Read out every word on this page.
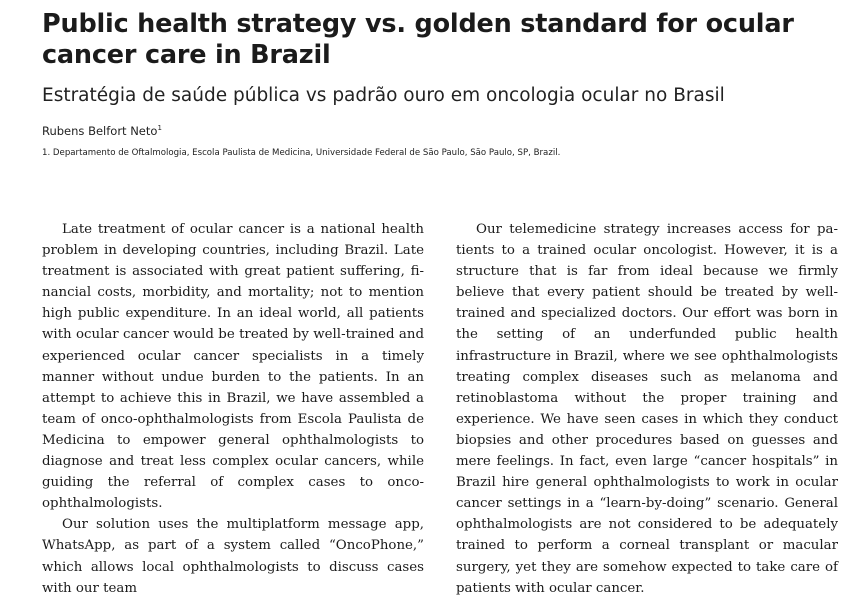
Public health strategy vs. golden standard for ocular cancer care in Brazil
Estratégia de saúde pública vs padrão ouro em oncologia ocular no Brasil
Rubens Belfort Neto$^1$
1. Departamento de Oftalmologia, Escola Paulista de Medicina, Universidade Federal de São Paulo, São Paulo, SP, Brazil.

Late treatment of ocular cancer is a national health problem in developing countries, including Brazil. Late treatment is associated with great patient suffering, financial costs, morbidity, and mortality; not to mention high public expenditure. In an ideal world, all patients with ocular cancer would be treated by well-trained and experienced ocular cancer specialists in a timely manner without undue burden to the patients. In an attempt to achieve this in Brazil, we have assembled a team of onco-ophthalmologists from Escola Paulista de Medicina to empower general ophthalmologists to diagnose and treat less complex ocular cancers, while guiding the referral of complex cases to onco-ophthalmologists.

Our solution uses the multiplatform message app, WhatsApp, as part of a system called “OncoPhone,” which allows local ophthalmologists to discuss cases with our team

Our telemedicine strategy increases access for patients to a trained ocular oncologist. However, it is a structure that is far from ideal because we firmly believe that every patient should be treated by well-trained and specialized doctors. Our effort was born in the setting of an underfunded public health infrastructure in Brazil, where we see ophthalmologists treating complex diseases such as melanoma and retinoblastoma without the proper training and experience. We have seen cases in which they conduct biopsies and other procedures based on guesses and mere feelings. In fact, even large “cancer hospitals” in Brazil hire general ophthalmologists to work in ocular cancer settings in a “learn-by-doing” scenario. General ophthalmologists are not considered to be adequately trained to perform a corneal transplant or macular surgery, yet they are somehow expected to take care of patients with ocular cancer.
